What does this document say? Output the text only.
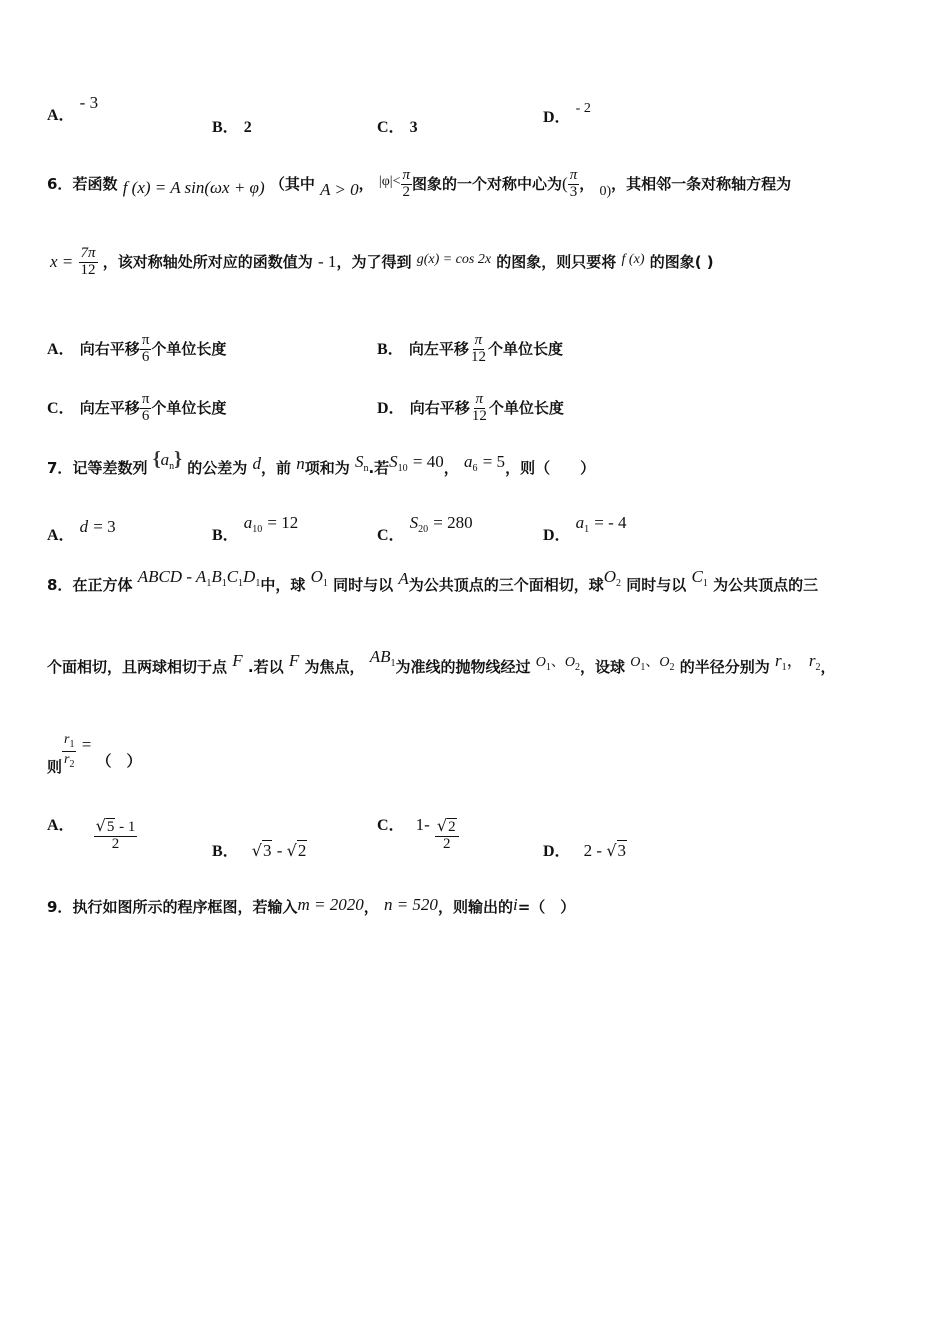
A． - 3
B． 2	C． 3
D． - 2
6．若函数 f (x) = A sin(ωx + φ) （其中 A > 0， $|\varphi|< \frac{\pi}{2}$ 图象的一个对称中心为( $\frac{\pi}{3}$ ， 0)，其相邻一条对称轴方程为
$x = \frac{7\pi}{12}$ ，该对称轴处所对应的函数值为 - 1，为了得到 g(x) = cos 2x 的图象，则只要将 f (x) 的图象( )
A． 向右平移 $\frac{\pi}{6}$ 个单位长度	B． 向左平移 $\frac{\pi}{12}$ 个单位长度
C． 向左平移 $\frac{\pi}{6}$ 个单位长度	D． 向右平移 $\frac{\pi}{12}$ 个单位长度
7．记等差数列 $\{a_n\}$ 的公差为 d，前 n项和为 $S_n$.若$S_{10} = 40$， $a_6 = 5$，则（　　）
A． d = 3	B． $a_{10} = 12$
C． $S_{20} = 280$
D． $a_1$ = - 4
8．在正方体 ABCD - $A_1B_1C_1D_1$中，球 $O_1$ 同时与以 A为公共顶点的三个面相切，球$O_2$ 同时与以 $C_1$ 为公共顶点的三
个面相切，且两球相切于点 F .若以 F 为焦点， $AB_1$为准线的抛物线经过 $O_1$、$O_2$，设球 $O_1$、$O_2$ 的半径分别为 $r_1$， $r_2$，
则 $\frac{r_1}{r_2}$ = （　）
A． $\frac{√5 - 1}{2}$	B． √3 - √2
C． $1- \frac{√2}{2}$	D． 2 - √3
9．执行如图所示的程序框图，若输入m = 2020， n = 520，则输出的i=（　）
